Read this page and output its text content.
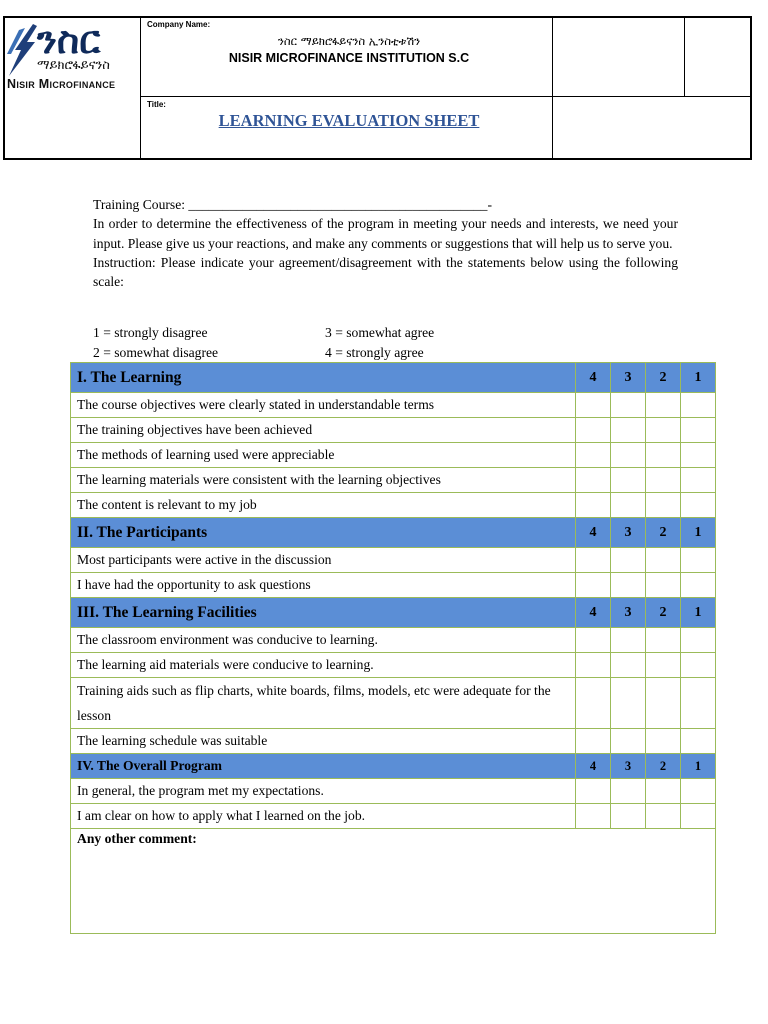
ንስር
ማይክሮፋይናንስ
Nisir Microfinance
Company Name:
ንስር ማይክሮፋይናንስ ኢንስቲቱሽን
NISIR MICROFINANCE INSTITUTION S.C
Title:
LEARNING EVALUATION SHEET

Training Course: ____________________________________________-

In order to determine the effectiveness of the program in meeting your needs and interests, we need your input. Please give us your reactions, and make any comments or suggestions that will help us to serve you.

Instruction: Please indicate your agreement/disagreement with the statements below using the following scale:

1 = strongly disagree	3 = somewhat agree
2 = somewhat disagree	4 = strongly agree
I. The Learning	4	3	2	1
The course objectives were clearly stated in understandable terms				
The training objectives have been achieved				
The methods of learning used were appreciable				
The learning materials were consistent with the learning objectives				
The content is relevant to my job				
II. The Participants	4	3	2	1
Most participants were active in the discussion				
I have had the opportunity to ask questions				
III. The Learning Facilities	4	3	2	1
The classroom environment was conducive to learning.				
The learning aid materials were conducive to learning.				
Training aids such as flip charts, white boards, films, models, etc were adequate for the lesson				
The learning schedule was suitable				
IV. The Overall Program	4	3	2	1
In general, the program met my expectations.				
I am clear on how to apply what I learned on the job.				
Any other comment:				
